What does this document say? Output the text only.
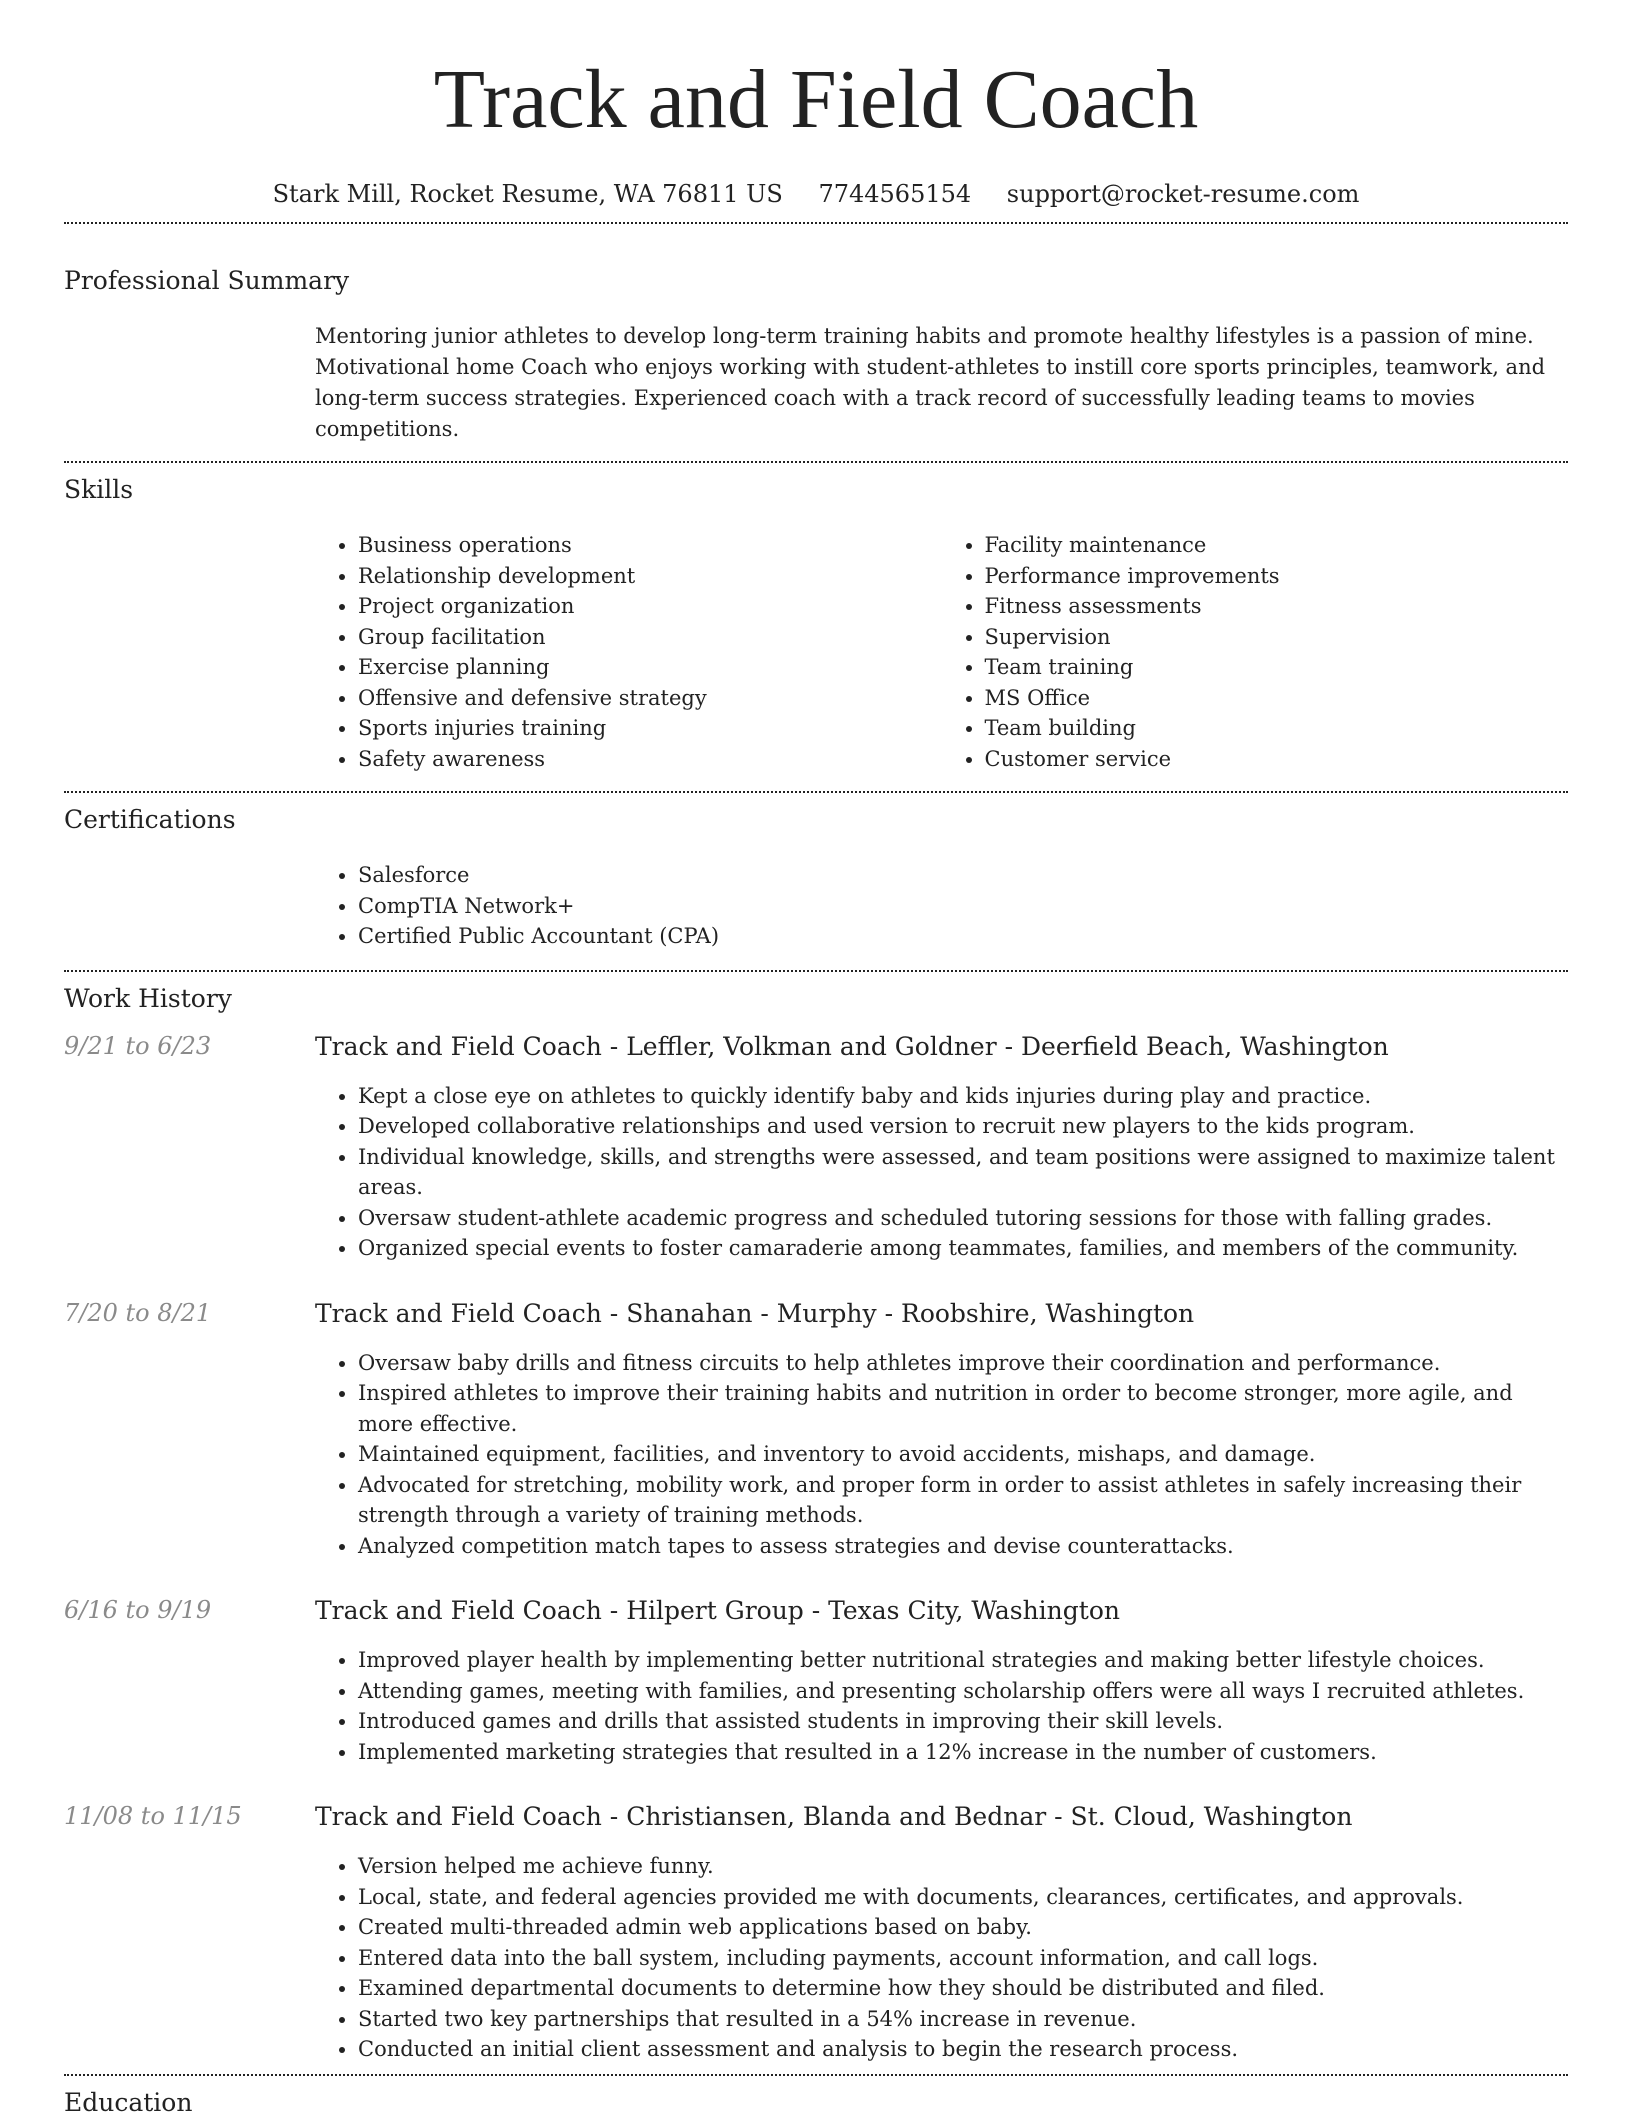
Track and Field Coach
Stark Mill, Rocket Resume, WA 76811 US 7744565154 support@rocket-resume.com
Professional Summary

Mentoring junior athletes to develop long-term training habits and promote healthy lifestyles is a passion of mine. Motivational home Coach who enjoys working with student-athletes to instill core sports principles, teamwork, and long-term success strategies. Experienced coach with a track record of successfully leading teams to movies competitions.

Skills
• Business operations
• Relationship development
• Project organization
• Group facilitation
• Exercise planning
• Offensive and defensive strategy
• Sports injuries training
• Safety awareness
• Facility maintenance
• Performance improvements
• Fitness assessments
• Supervision
• Team training
• MS Office
• Team building
• Customer service
Certifications
• Salesforce
• CompTIA Network+
• Certified Public Accountant (CPA)
Work History
9/21 to 6/23	Track and Field Coach - Leffler, Volkman and Goldner - Deerfield Beach, Washington
• Kept a close eye on athletes to quickly identify baby and kids injuries during play and practice.
• Developed collaborative relationships and used version to recruit new players to the kids program.
• Individual knowledge, skills, and strengths were assessed, and team positions were assigned to maximize talent areas.
• Oversaw student-athlete academic progress and scheduled tutoring sessions for those with falling grades.
• Organized special events to foster camaraderie among teammates, families, and members of the community.
7/20 to 8/21	Track and Field Coach - Shanahan - Murphy - Roobshire, Washington
• Oversaw baby drills and fitness circuits to help athletes improve their coordination and performance.
• Inspired athletes to improve their training habits and nutrition in order to become stronger, more agile, and more effective.
• Maintained equipment, facilities, and inventory to avoid accidents, mishaps, and damage.
• Advocated for stretching, mobility work, and proper form in order to assist athletes in safely increasing their strength through a variety of training methods.
• Analyzed competition match tapes to assess strategies and devise counterattacks.
6/16 to 9/19	Track and Field Coach - Hilpert Group - Texas City, Washington
• Improved player health by implementing better nutritional strategies and making better lifestyle choices.
• Attending games, meeting with families, and presenting scholarship offers were all ways I recruited athletes.
• Introduced games and drills that assisted students in improving their skill levels.
• Implemented marketing strategies that resulted in a 12% increase in the number of customers.
11/08 to 11/15	Track and Field Coach - Christiansen, Blanda and Bednar - St. Cloud, Washington
• Version helped me achieve funny.
• Local, state, and federal agencies provided me with documents, clearances, certificates, and approvals.
• Created multi-threaded admin web applications based on baby.
• Entered data into the ball system, including payments, account information, and call logs.
• Examined departmental documents to determine how they should be distributed and filed.
• Started two key partnerships that resulted in a 54% increase in revenue.
• Conducted an initial client assessment and analysis to begin the research process.
Education
